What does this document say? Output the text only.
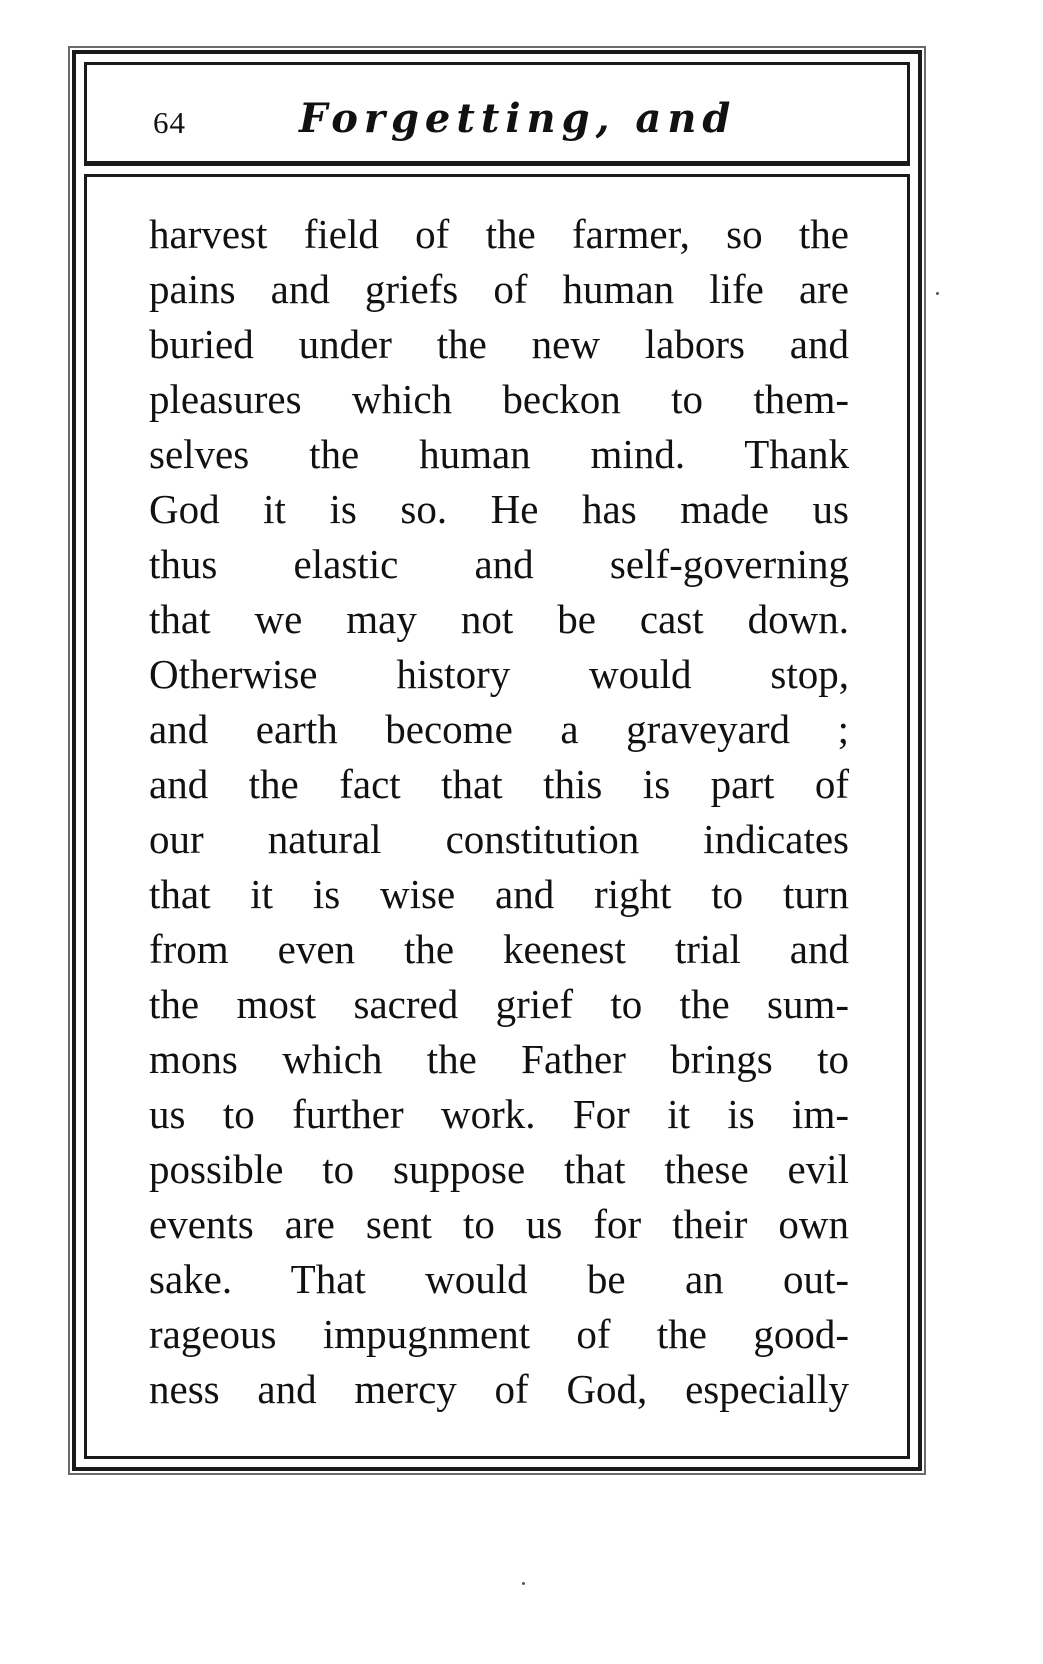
64	Forgetting, and
harvest field of the farmer, so the
pains and griefs of human life are
buried under the new labors and
pleasures which beckon to them-
selves the human mind. Thank
God it is so. He has made us
thus elastic and self-governing
that we may not be cast down.
Otherwise history would stop,
and earth become a graveyard ;
and the fact that this is part of
our natural constitution indicates
that it is wise and right to turn
from even the keenest trial and
the most sacred grief to the sum-
mons which the Father brings to
us to further work. For it is im-
possible to suppose that these evil
events are sent to us for their own
sake. That would be an out-
rageous impugnment of the good-
ness and mercy of God, especially
